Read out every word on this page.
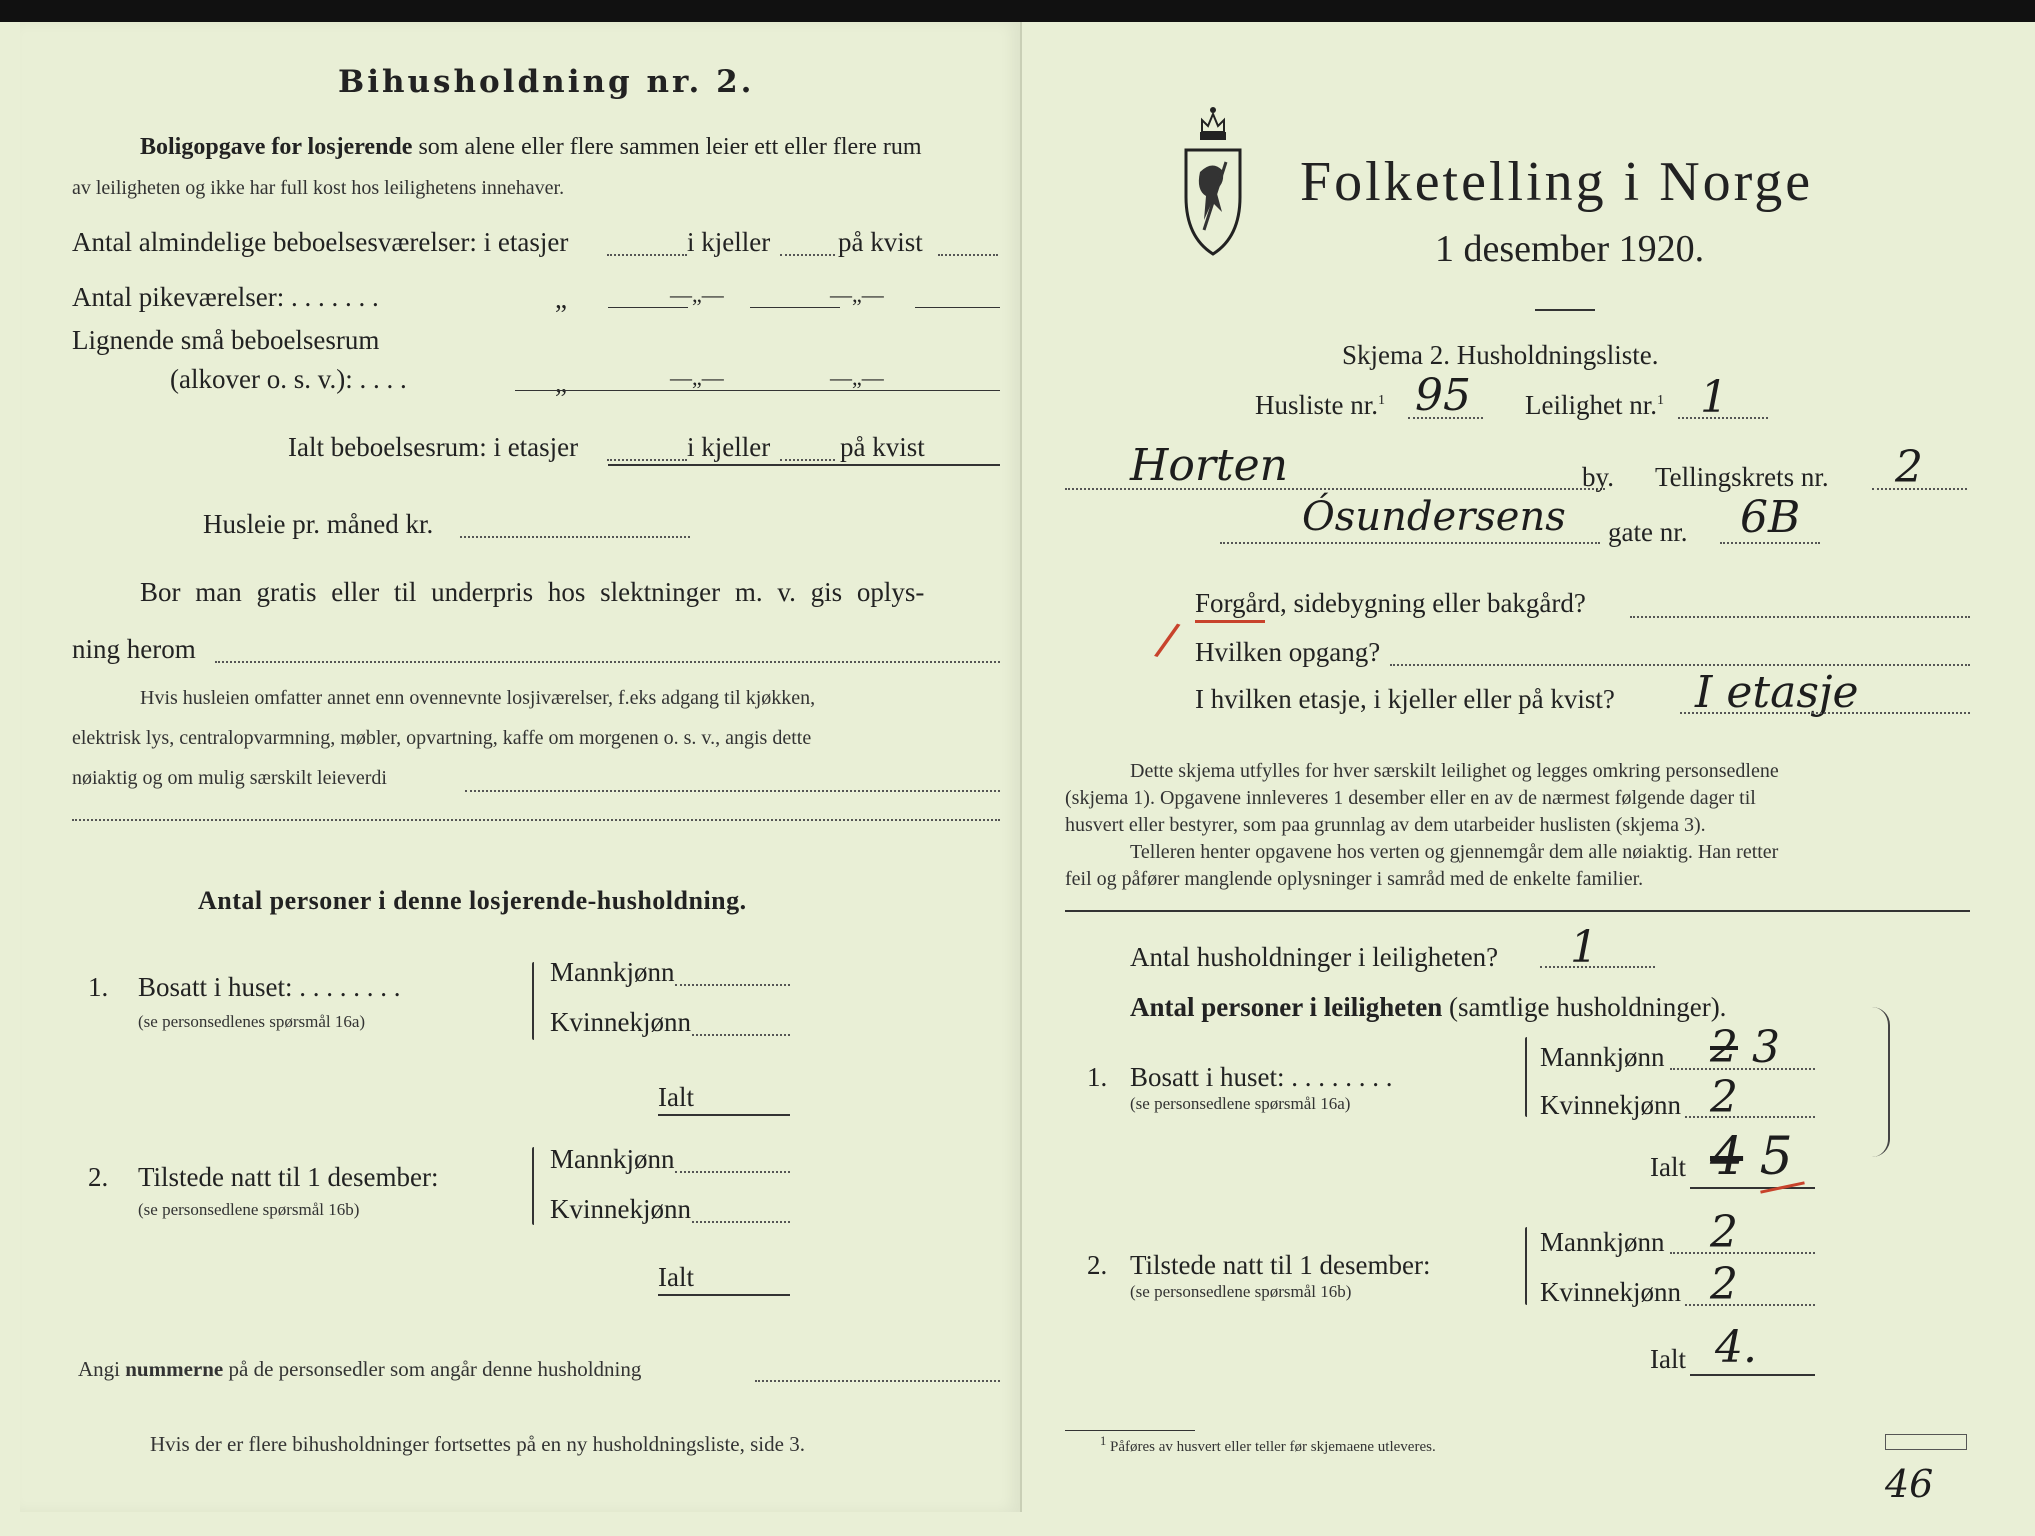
Bihusholdning nr. 2.
Boligopgave for losjerende som alene eller flere sammen leier ett eller flere rum
av leiligheten og ikke har full kost hos leilighetens innehaver.
Antal almindelige beboelsesværelser: i etasjer	i kjeller	på kvist
Antal pikeværelser: . . . . . . .	„	—„—	—„—
Lignende små beboelsesrum
(alkover o. s. v.): . . . .	„	—„—	—„—
Ialt beboelsesrum: i etasjer	i kjeller	på kvist
Husleie pr. måned kr.
Bor man gratis eller til underpris hos slektninger m. v. gis oplys-
ning herom
Hvis husleien omfatter annet enn ovennevnte losjiværelser, f.eks adgang til kjøkken,
elektrisk lys, centralopvarmning, møbler, opvartning, kaffe om morgenen o. s. v., angis dette
nøiaktig og om mulig særskilt leieverdi
Antal personer i denne losjerende-husholdning.
1. Bosatt i huset: . . . . . . . .
(se personsedlenes spørsmål 16a)
Mannkjønn
Kvinnekjønn
Ialt
2. Tilstede natt til 1 desember:
(se personsedlene spørsmål 16b)
Mannkjønn
Kvinnekjønn
Ialt
Angi nummerne på de personsedler som angår denne husholdning
Hvis der er flere bihusholdninger fortsettes på en ny husholdningsliste, side 3.
Folketelling i Norge
1 desember 1920.
Skjema 2. Husholdningsliste.
Husliste nr.$^1$ 95 Leilighet nr.$^1$ 1
Horten	by. Tellingskrets nr. 2
Ósundersens gate nr. 6B
Forgård, sidebygning eller bakgård?
/ Hvilken opgang?
I hvilken etasje, i kjeller eller på kvist? I etasje
Dette skjema utfylles for hver særskilt leilighet og legges omkring personsedlene
(skjema 1). Opgavene innleveres 1 desember eller en av de nærmest følgende dager til
husvert eller bestyrer, som paa grunnlag av dem utarbeider huslisten (skjema 3).
Telleren henter opgavene hos verten og gjennemgår dem alle nøiaktig. Han retter
feil og påfører manglende oplysninger i samråd med de enkelte familier.
Antal husholdninger i leiligheten? 1
Antal personer i leiligheten (samtlige husholdninger).
1. Bosatt i huset: . . . . . . . .
(se personsedlene spørsmål 16a)
Mannkjønn 2 3
Kvinnekjønn 2
Ialt 4 5
2. Tilstede natt til 1 desember:
(se personsedlene spørsmål 16b)
Mannkjønn 2
Kvinnekjønn 2
Ialt 4.
$^1$ Påføres av husvert eller teller før skjemaene utleveres.
46
